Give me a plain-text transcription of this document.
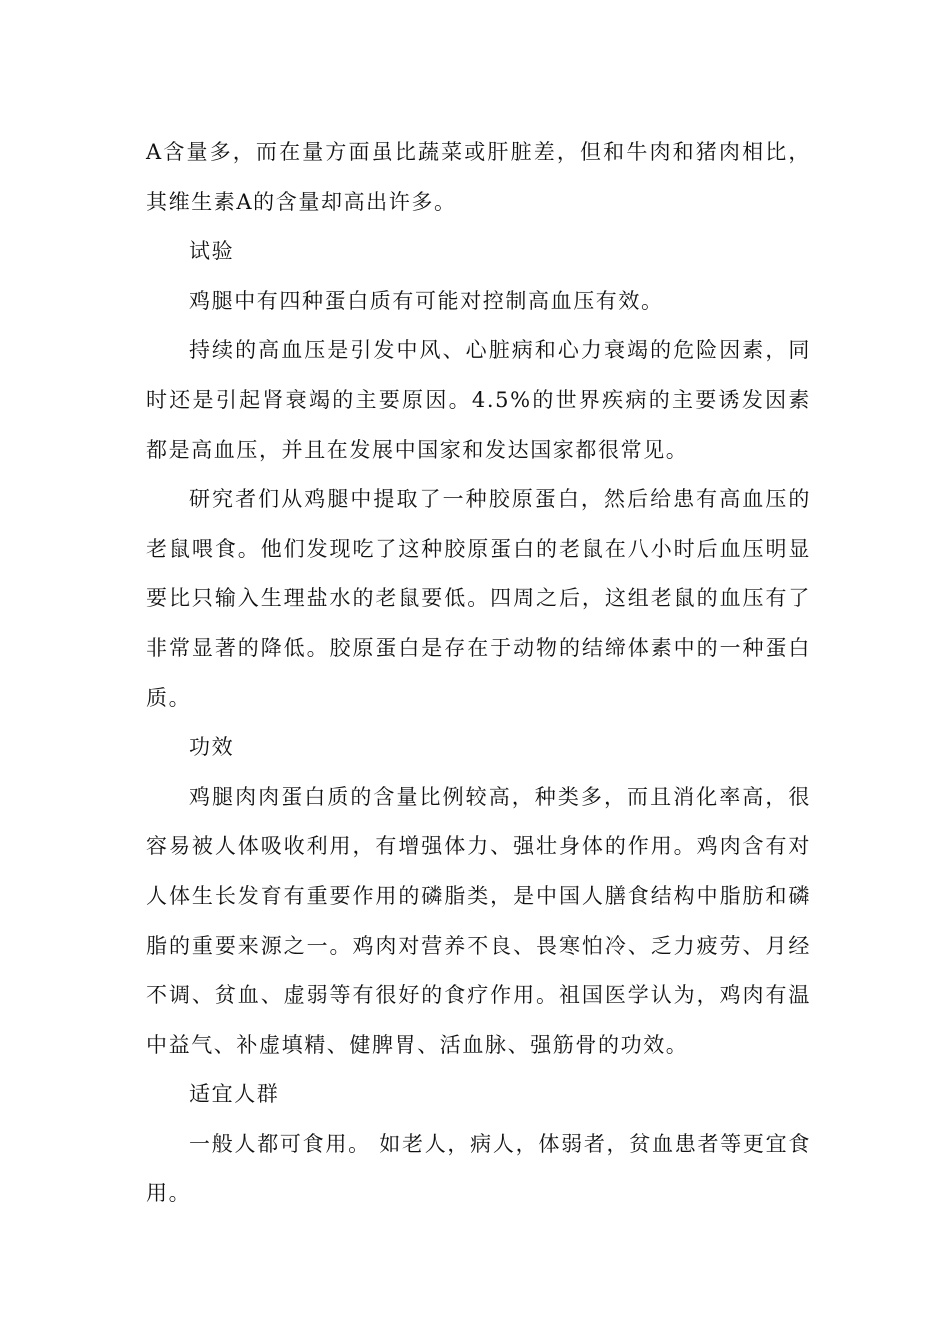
A含量多，而在量方面虽比蔬菜或肝脏差，但和牛肉和猪肉相比，其维生素A的含量却高出许多。

试验

鸡腿中有四种蛋白质有可能对控制高血压有效。

持续的高血压是引发中风、心脏病和心力衰竭的危险因素，同时还是引起肾衰竭的主要原因。4.5%的世界疾病的主要诱发因素都是高血压，并且在发展中国家和发达国家都很常见。

研究者们从鸡腿中提取了一种胶原蛋白，然后给患有高血压的老鼠喂食。他们发现吃了这种胶原蛋白的老鼠在八小时后血压明显要比只输入生理盐水的老鼠要低。四周之后，这组老鼠的血压有了非常显著的降低。胶原蛋白是存在于动物的结缔体素中的一种蛋白质。

功效

鸡腿肉肉蛋白质的含量比例较高，种类多，而且消化率高，很容易被人体吸收利用，有增强体力、强壮身体的作用。鸡肉含有对人体生长发育有重要作用的磷脂类，是中国人膳食结构中脂肪和磷脂的重要来源之一。鸡肉对营养不良、畏寒怕冷、乏力疲劳、月经不调、贫血、虚弱等有很好的食疗作用。祖国医学认为，鸡肉有温中益气、补虚填精、健脾胃、活血脉、强筋骨的功效。

适宜人群

一般人都可食用。 如老人，病人，体弱者，贫血患者等更宜食用。
